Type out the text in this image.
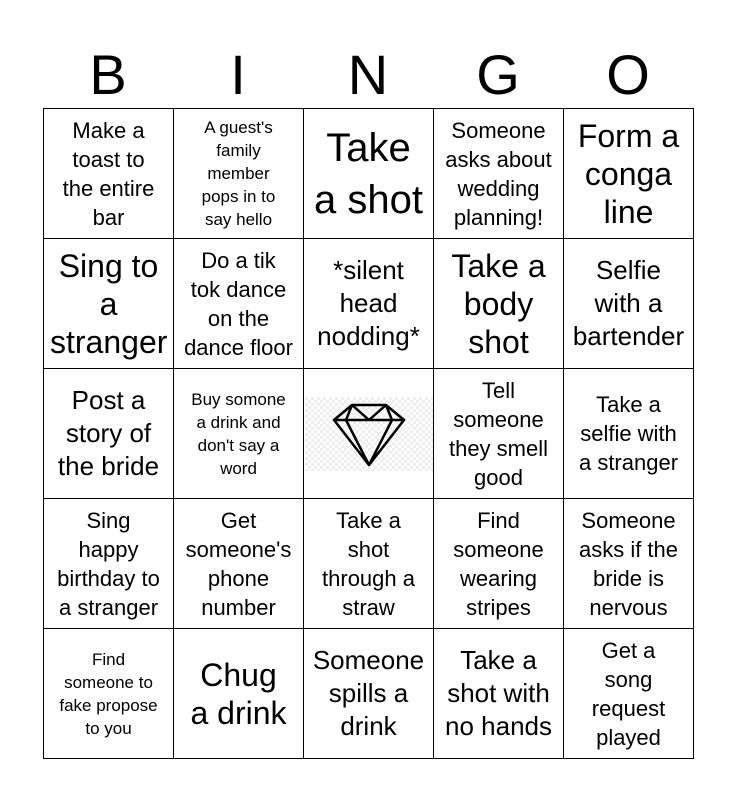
B	I	N	G	O
Make a
toast to
the entire
bar	A guest's
family
member
pops in to
say hello	Take
a shot	Someone
asks about
wedding
planning!	Form a
conga
line

Sing to
a
stranger	Do a tik
tok dance
on the
dance floor	*silent
head
nodding*	Take a
body
shot	Selfie
with a
bartender

Post a
story of
the bride	Buy somone
a drink and
don't say a
word		Tell
someone
they smell
good	Take a
selfie with
a stranger

Sing
happy
birthday to
a stranger	Get
someone's
phone
number	Take a
shot
through a
straw	Find
someone
wearing
stripes	Someone
asks if the
bride is
nervous

Find
someone to
fake propose
to you	Chug
a drink	Someone
spills a
drink	Take a
shot with
no hands	Get a
song
request
played
